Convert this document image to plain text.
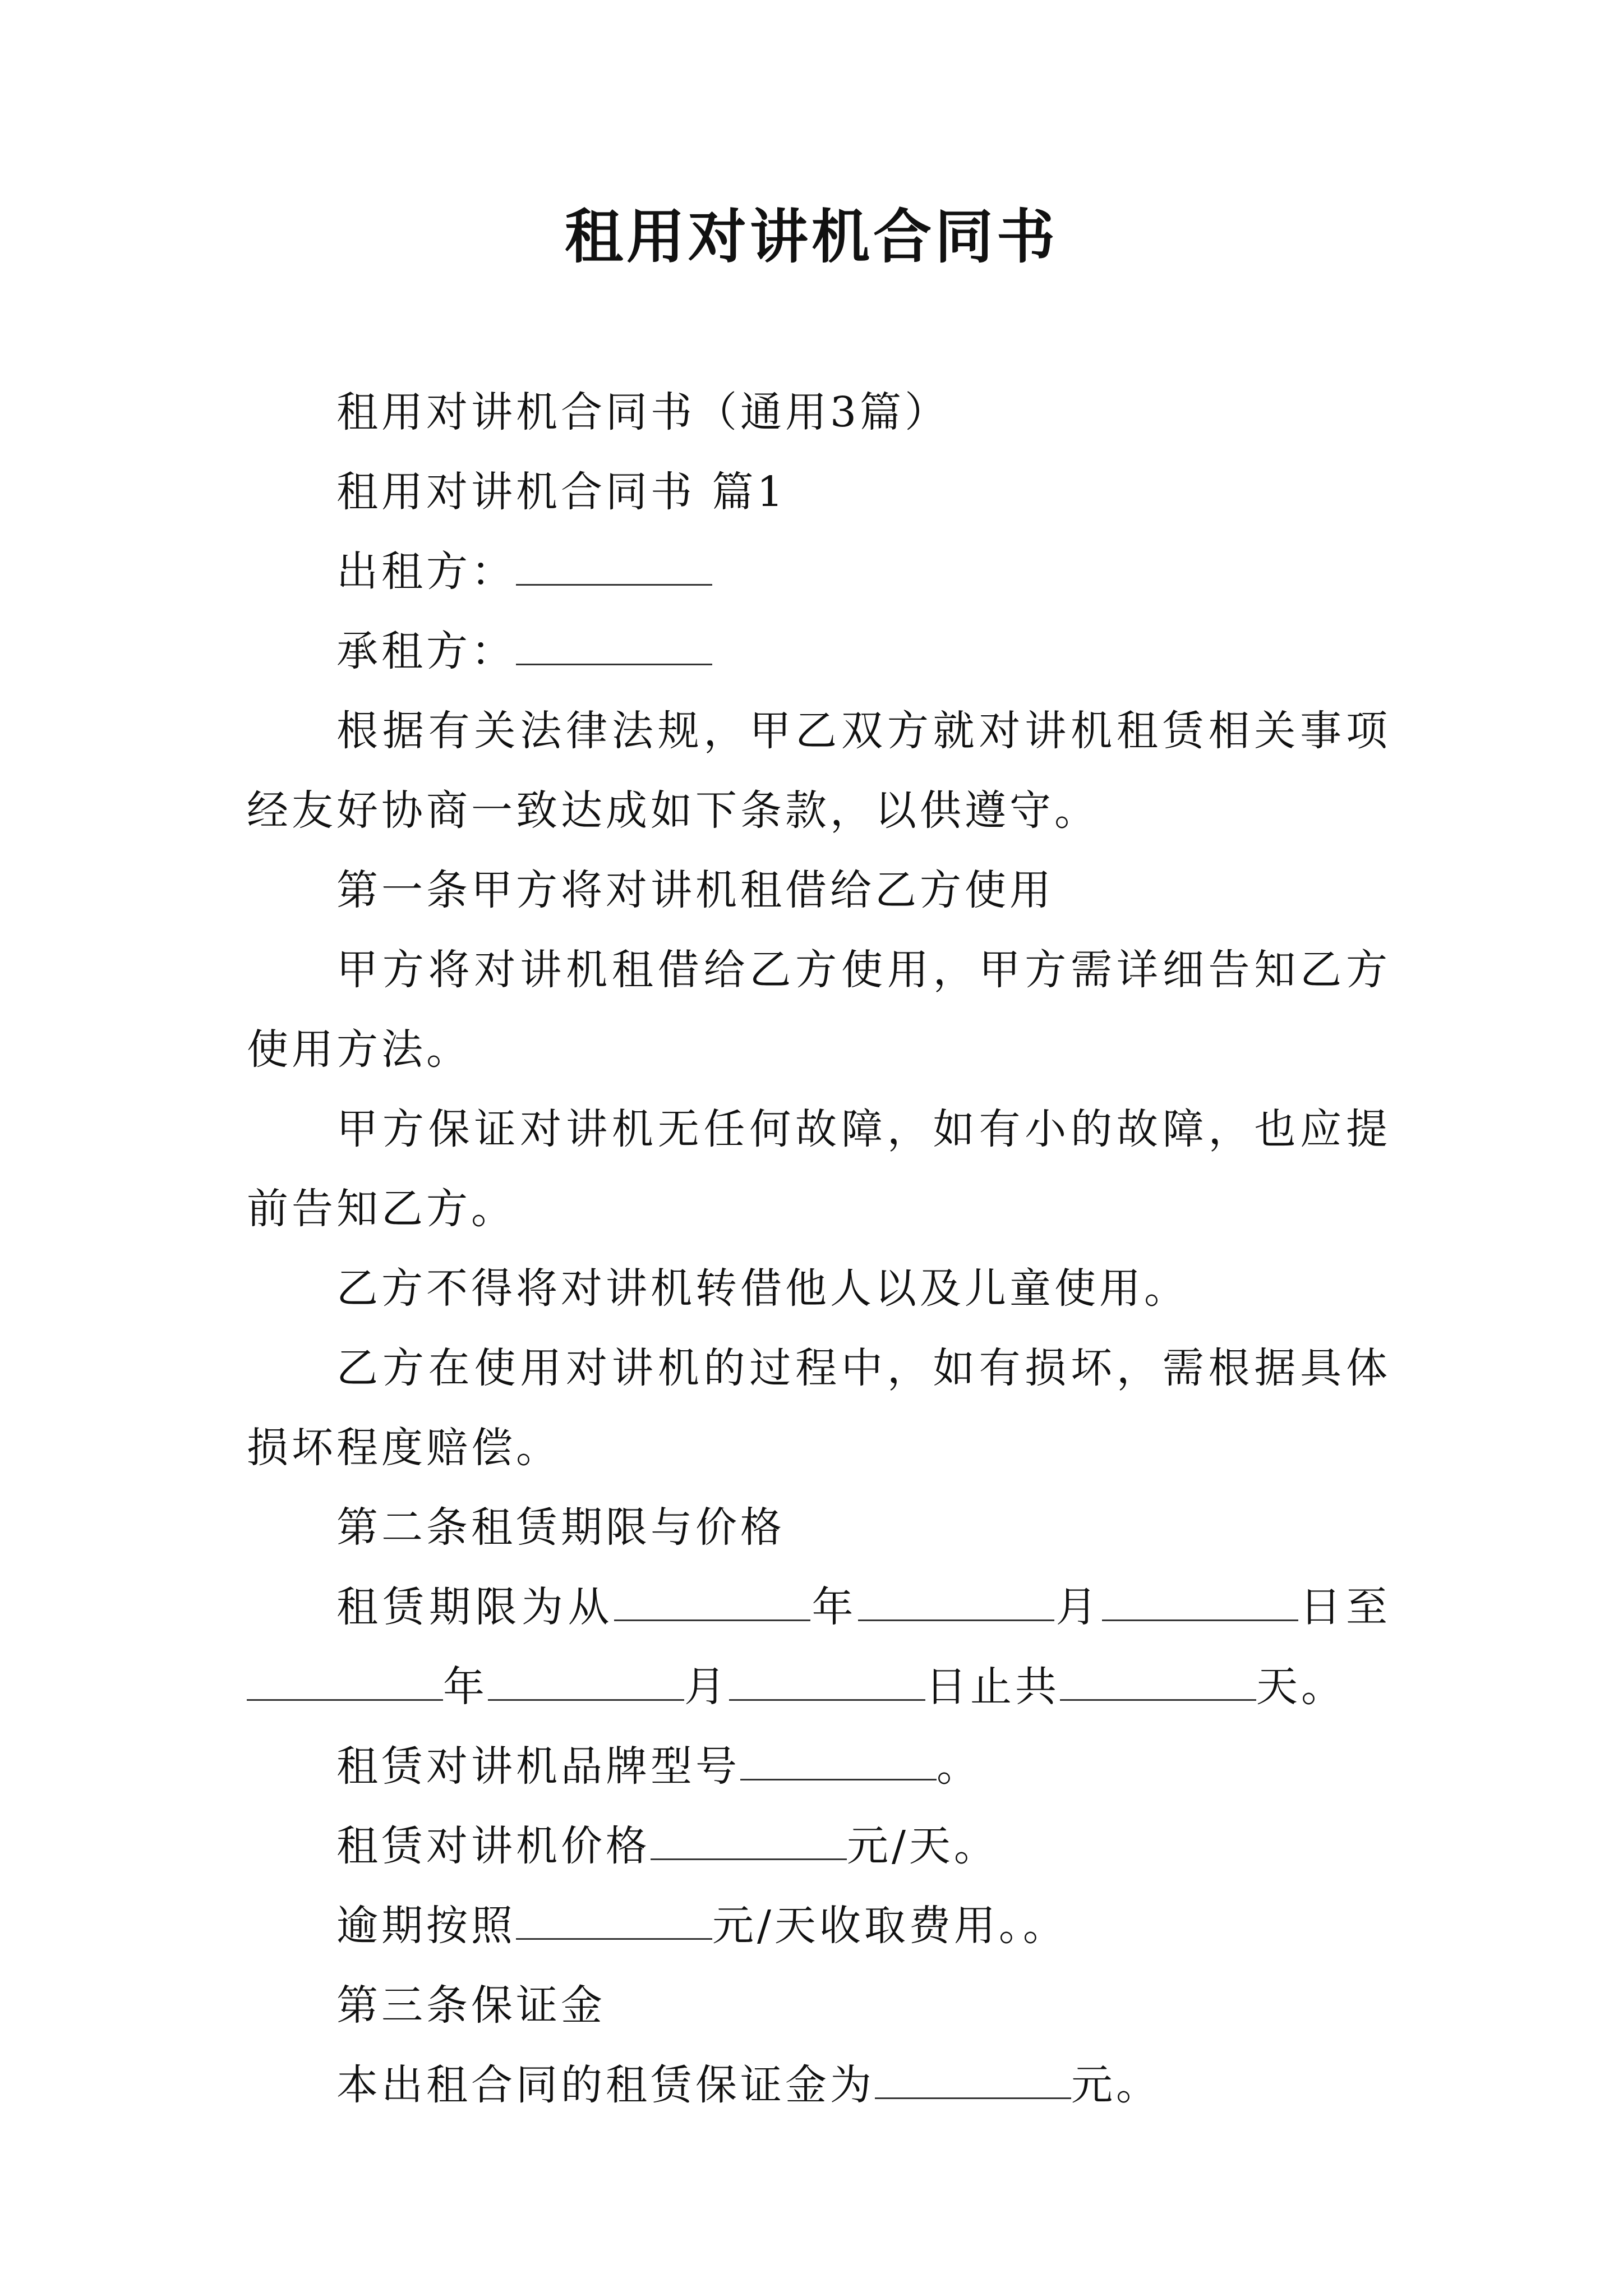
租用对讲机合同书

租用对讲机合同书（通用3篇）

租用对讲机合同书 篇1

出租方：

承租方：

根据有关法律法规，甲乙双方就对讲机租赁相关事项经友好协商一致达成如下条款，以供遵守。

第一条甲方将对讲机租借给乙方使用

甲方将对讲机租借给乙方使用，甲方需详细告知乙方使用方法。

甲方保证对讲机无任何故障，如有小的故障，也应提前告知乙方。

乙方不得将对讲机转借他人以及儿童使用。

乙方在使用对讲机的过程中，如有损坏，需根据具体损坏程度赔偿。

第二条租赁期限与价格

租赁期限为从	年	月	日至年	月	日止共	天。

租赁对讲机品牌型号	。

租赁对讲机价格	元/天。

逾期按照	元/天收取费用。。

第三条保证金

本出租合同的租赁保证金为	元。
